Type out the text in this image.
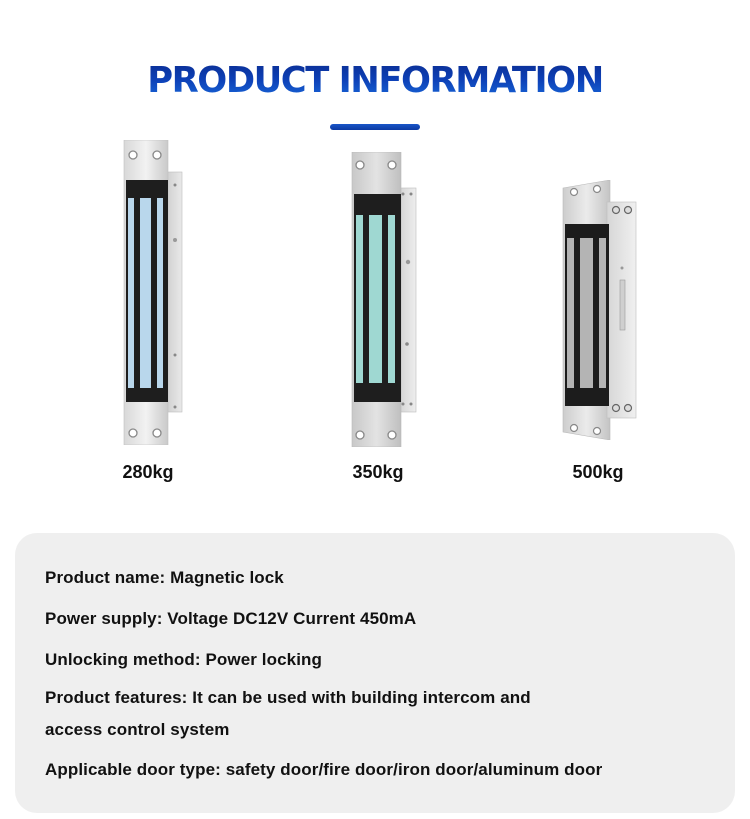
PRODUCT INFORMATION
280kg	350kg	500kg
Product name: Magnetic lock
Power supply: Voltage DC12V Current 450mA
Unlocking method: Power locking
Product features: It can be used with building intercom and
access control system
Applicable door type: safety door/fire door/iron door/aluminum door
